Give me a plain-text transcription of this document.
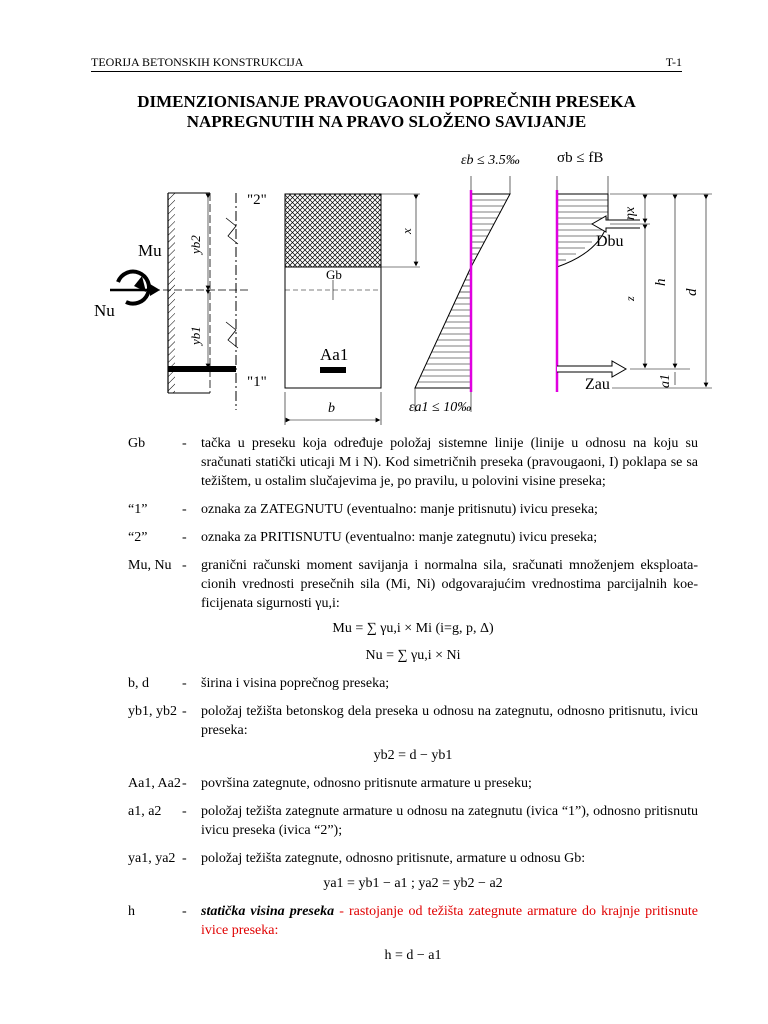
TEORIJA BETONSKIH KONSTRUKCIJA	T-1
DIMENZIONISANJE PRAVOUGAONIH POPREČNIH PRESEKA
NAPREGNUTIH NA PRAVO SLOŽENO SAVIJANJE
"2"
"1"
Mu
Nu
yb2
yb1
x
Gb
Aa1
b
εb ≤ 3.5‰
εa1 ≤ 10‰
σb ≤ fB
ηx
Dbu
Zau
z
h
d
a1
Gb	- tačka u preseku koja određuje položaj sistemne linije (linije u odnosu na koju su sračunati statički uticaji M i N). Kod simetričnih preseka (pravougaoni, I) poklapa se sa težištem, u ostalim slučajevima je, po pravilu, u polovini visine preseka;
“1” - oznaka za ZATEGNUTU (eventualno: manje pritisnutu) ivicu preseka;
“2” - oznaka za PRITISNUTU (eventualno: manje zategnutu) ivicu preseka;
Mu, Nu - granični računski moment savijanja i normalna sila, sračunati množenjem eksploata-cionih vrednosti presečnih sila (Mi, Ni) odgovarajućim vrednostima parcijalnih koe-ficijenata sigurnosti γu,i:
Mu = ∑ γu,i × Mi (i=g, p, Δ)
Nu = ∑ γu,i × Ni
b, d - širina i visina poprečnog preseka;
yb1, yb2 - položaj težišta betonskog dela preseka u odnosu na zategnutu, odnosno pritisnutu, ivicu preseka:
yb2 = d − yb1
Aa1, Aa2 - površina zategnute, odnosno pritisnute armature u preseku;
a1, a2 - položaj težišta zategnute armature u odnosu na zategnutu (ivica “1”), odnosno pritisnutu ivicu preseka (ivica “2”);
ya1, ya2 - položaj težišta zategnute, odnosno pritisnute, armature u odnosu Gb:
ya1 = yb1 − a1 ; ya2 = yb2 − a2
h	- statička visina preseka - rastojanje od težišta zategnute armature do krajnje pritisnute ivice preseka:
h = d − a1
